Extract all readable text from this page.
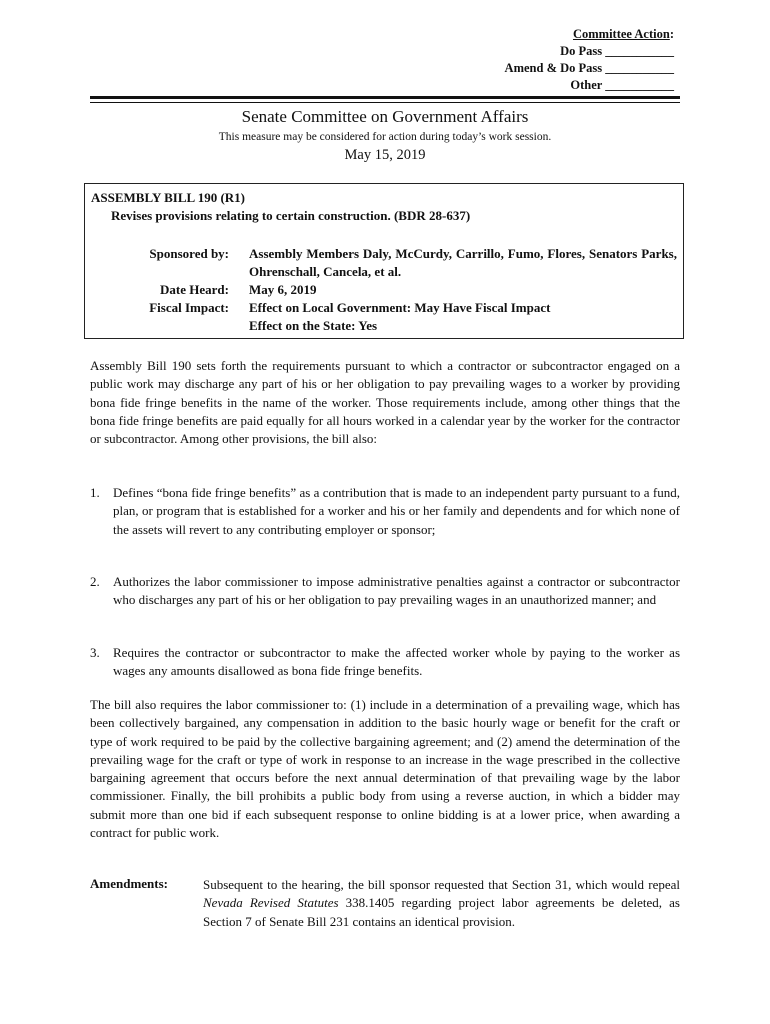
Committee Action:
Do Pass ___________
Amend & Do Pass ___________
Other ___________
Senate Committee on Government Affairs
This measure may be considered for action during today’s work session.
May 15, 2019
ASSEMBLY BILL 190 (R1)
Revises provisions relating to certain construction. (BDR 28-637)
Sponsored by: Assembly Members Daly, McCurdy, Carrillo, Fumo, Flores, Senators Parks, Ohrenschall, Cancela, et al.
Date Heard: May 6, 2019
Fiscal Impact: Effect on Local Government: May Have Fiscal Impact
Effect on the State: Yes

Assembly Bill 190 sets forth the requirements pursuant to which a contractor or subcontractor engaged on a public work may discharge any part of his or her obligation to pay prevailing wages to a worker by providing bona fide fringe benefits in the name of the worker. Those requirements include, among other things that the bona fide fringe benefits are paid equally for all hours worked in a calendar year by the worker for the contractor or subcontractor. Among other provisions, the bill also:

1. Defines “bona fide fringe benefits” as a contribution that is made to an independent party pursuant to a fund, plan, or program that is established for a worker and his or her family and dependents and for which none of the assets will revert to any contributing employer or sponsor;
2. Authorizes the labor commissioner to impose administrative penalties against a contractor or subcontractor who discharges any part of his or her obligation to pay prevailing wages in an unauthorized manner; and
3. Requires the contractor or subcontractor to make the affected worker whole by paying to the worker as wages any amounts disallowed as bona fide fringe benefits.

The bill also requires the labor commissioner to: (1) include in a determination of a prevailing wage, which has been collectively bargained, any compensation in addition to the basic hourly wage or benefit for the craft or type of work required to be paid by the collective bargaining agreement; and (2) amend the determination of the prevailing wage for the craft or type of work in response to an increase in the wage prescribed in the collective bargaining agreement that occurs before the next annual determination of that prevailing wage by the labor commissioner. Finally, the bill prohibits a public body from using a reverse auction, in which a bidder may submit more than one bid if each subsequent response to online bidding is at a lower price, when awarding a contract for public work.

Amendments:	Subsequent to the hearing, the bill sponsor requested that Section 31, which would repeal Nevada Revised Statutes 338.1405 regarding project labor agreements be deleted, as Section 7 of Senate Bill 231 contains an identical provision.
